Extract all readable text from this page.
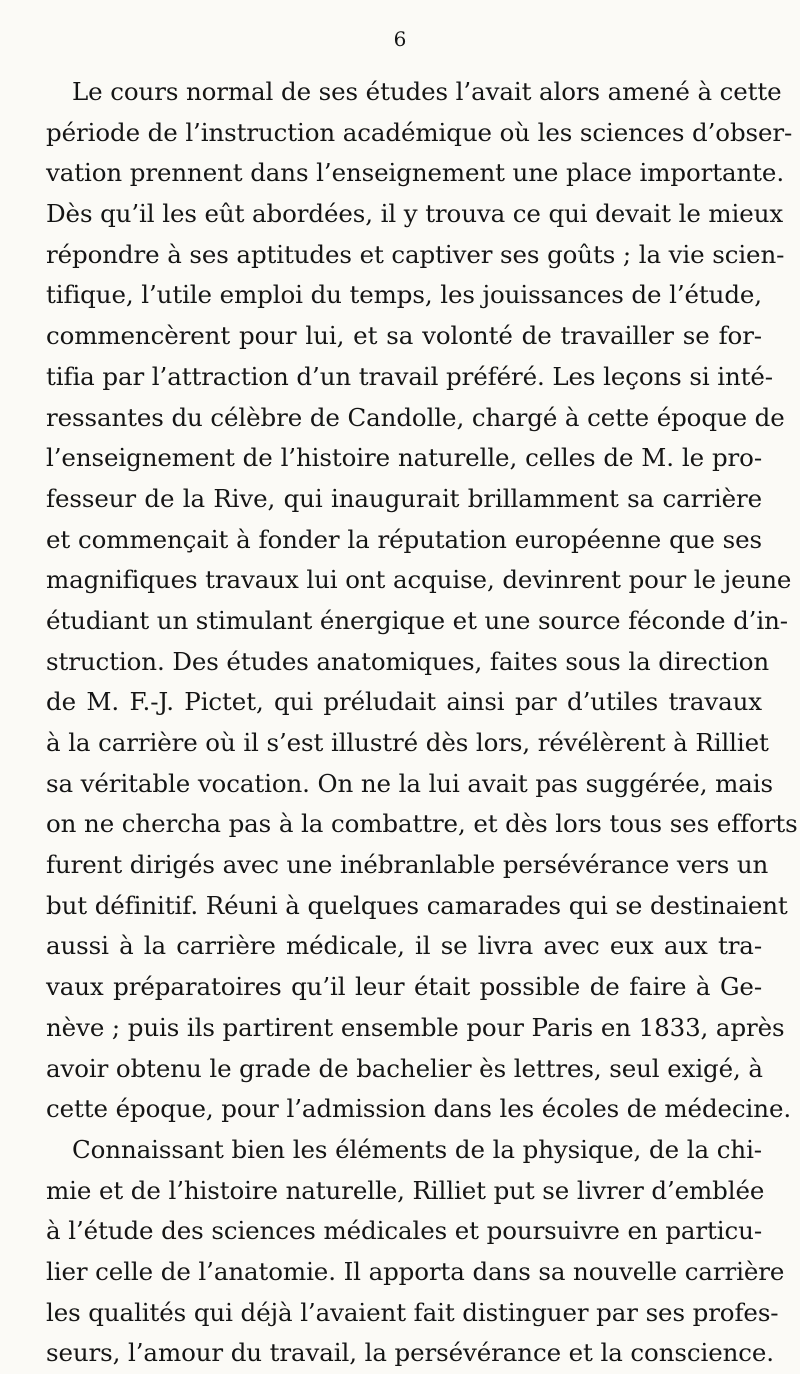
6
Le cours normal de ses études l’avait alors amené à cette
période de l’instruction académique où les sciences d’obser-
vation prennent dans l’enseignement une place importante.
Dès qu’il les eût abordées, il y trouva ce qui devait le mieux
répondre à ses aptitudes et captiver ses goûts ; la vie scien-
tifique, l’utile emploi du temps, les jouissances de l’étude,
commencèrent pour lui, et sa volonté de travailler se for-
tifia par l’attraction d’un travail préféré. Les leçons si inté-
ressantes du célèbre de Candolle, chargé à cette époque de
l’enseignement de l’histoire naturelle, celles de M. le pro-
fesseur de la Rive, qui inaugurait brillamment sa carrière
et commençait à fonder la réputation européenne que ses
magnifiques travaux lui ont acquise, devinrent pour le jeune
étudiant un stimulant énergique et une source féconde d’in-
struction. Des études anatomiques, faites sous la direction
de M. F.-J. Pictet, qui préludait ainsi par d’utiles travaux
à la carrière où il s’est illustré dès lors, révélèrent à Rilliet
sa véritable vocation. On ne la lui avait pas suggérée, mais
on ne chercha pas à la combattre, et dès lors tous ses efforts
furent dirigés avec une inébranlable persévérance vers un
but définitif. Réuni à quelques camarades qui se destinaient
aussi à la carrière médicale, il se livra avec eux aux tra-
vaux préparatoires qu’il leur était possible de faire à Ge-
nève ; puis ils partirent ensemble pour Paris en 1833, après
avoir obtenu le grade de bachelier ès lettres, seul exigé, à
cette époque, pour l’admission dans les écoles de médecine.
Connaissant bien les éléments de la physique, de la chi-
mie et de l’histoire naturelle, Rilliet put se livrer d’emblée
à l’étude des sciences médicales et poursuivre en particu-
lier celle de l’anatomie. Il apporta dans sa nouvelle carrière
les qualités qui déjà l’avaient fait distinguer par ses profes-
seurs, l’amour du travail, la persévérance et la conscience.
